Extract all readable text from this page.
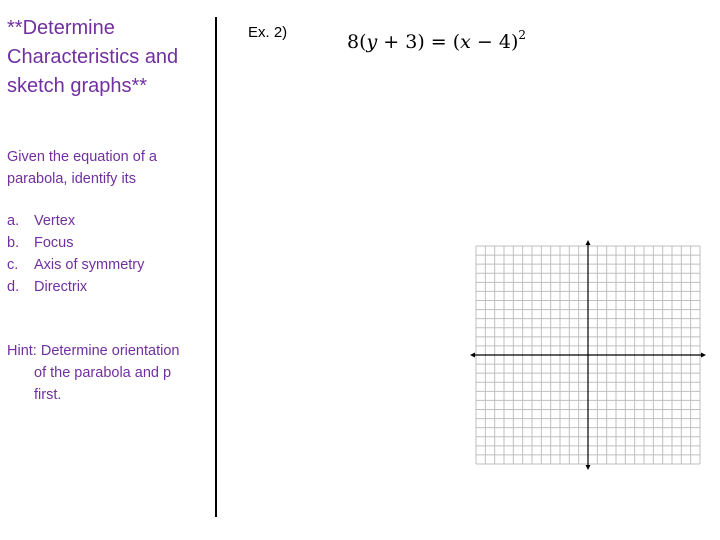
**Determine Characteristics and sketch graphs**

Given the equation of a parabola, identify its

a.	Vertex
b.	Focus
c.	Axis of symmetry
d.	Directrix

Hint: Determine orientation
of the parabola and p
first.

Ex. 2)	$8(y + 3) = (x - 4)^2$
